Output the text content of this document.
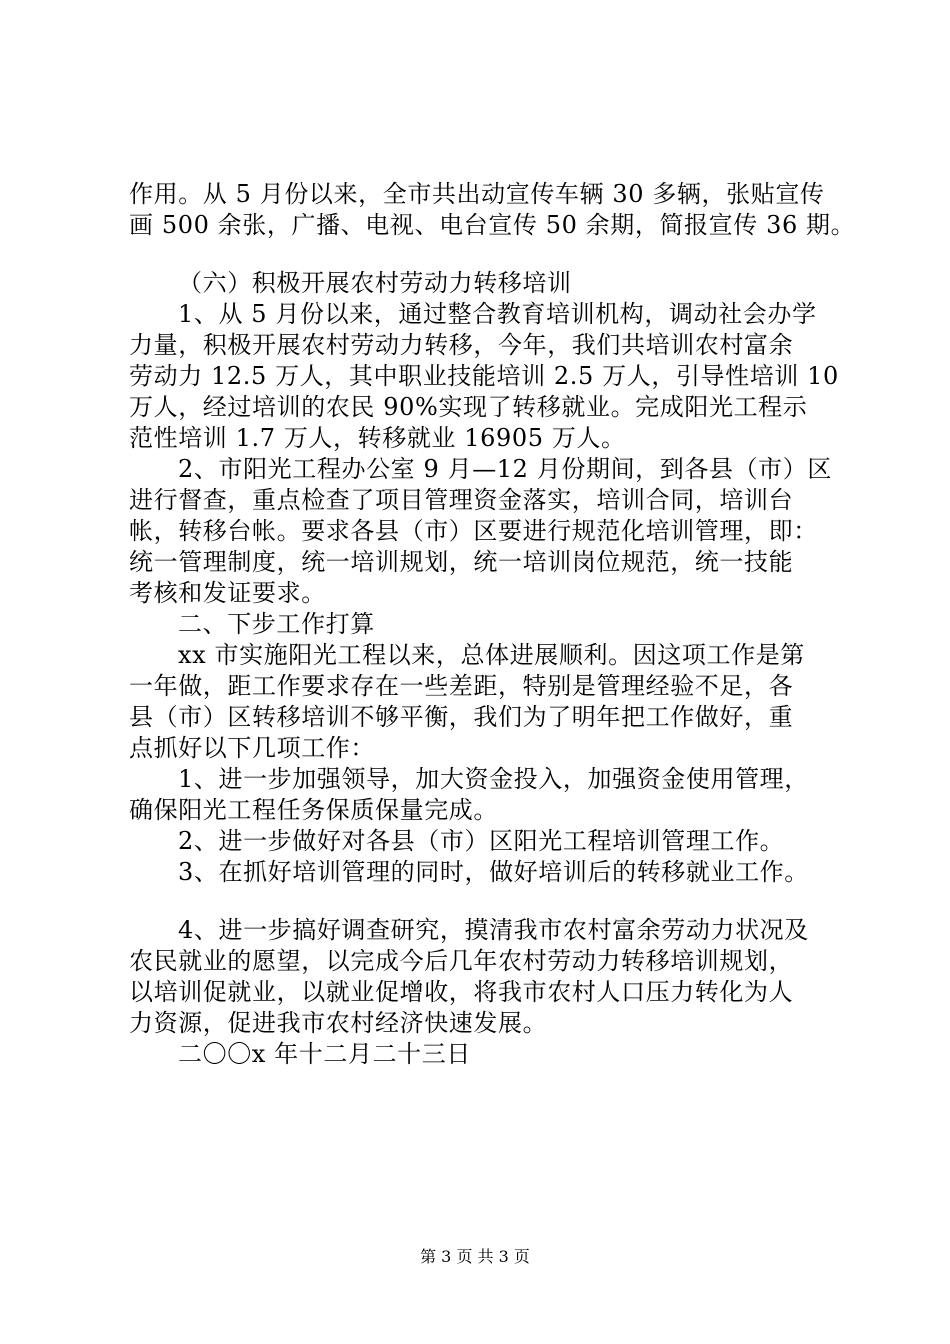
作用。从 5 月份以来，全市共出动宣传车辆 30 多辆，张贴宣传
画 500 余张，广播、电视、电台宣传 50 余期，简报宣传 36 期。
（六）积极开展农村劳动力转移培训
1、从 5 月份以来，通过整合教育培训机构，调动社会办学
力量，积极开展农村劳动力转移，今年，我们共培训农村富余
劳动力 12.5 万人，其中职业技能培训 2.5 万人，引导性培训 10
万人，经过培训的农民 90%实现了转移就业。完成阳光工程示
范性培训 1.7 万人，转移就业 16905 万人。
2、市阳光工程办公室 9 月—12 月份期间，到各县（市）区
进行督查，重点检查了项目管理资金落实，培训合同，培训台
帐，转移台帐。要求各县（市）区要进行规范化培训管理，即：
统一管理制度，统一培训规划，统一培训岗位规范，统一技能
考核和发证要求。
二、下步工作打算
xx 市实施阳光工程以来，总体进展顺利。因这项工作是第
一年做，距工作要求存在一些差距，特别是管理经验不足，各
县（市）区转移培训不够平衡，我们为了明年把工作做好，重
点抓好以下几项工作：
1、进一步加强领导，加大资金投入，加强资金使用管理，
确保阳光工程任务保质保量完成。
2、进一步做好对各县（市）区阳光工程培训管理工作。
3、在抓好培训管理的同时，做好培训后的转移就业工作。
4、进一步搞好调查研究，摸清我市农村富余劳动力状况及
农民就业的愿望，以完成今后几年农村劳动力转移培训规划，
以培训促就业，以就业促增收，将我市农村人口压力转化为人
力资源，促进我市农村经济快速发展。
二〇〇x 年十二月二十三日
第 3 页 共 3 页
